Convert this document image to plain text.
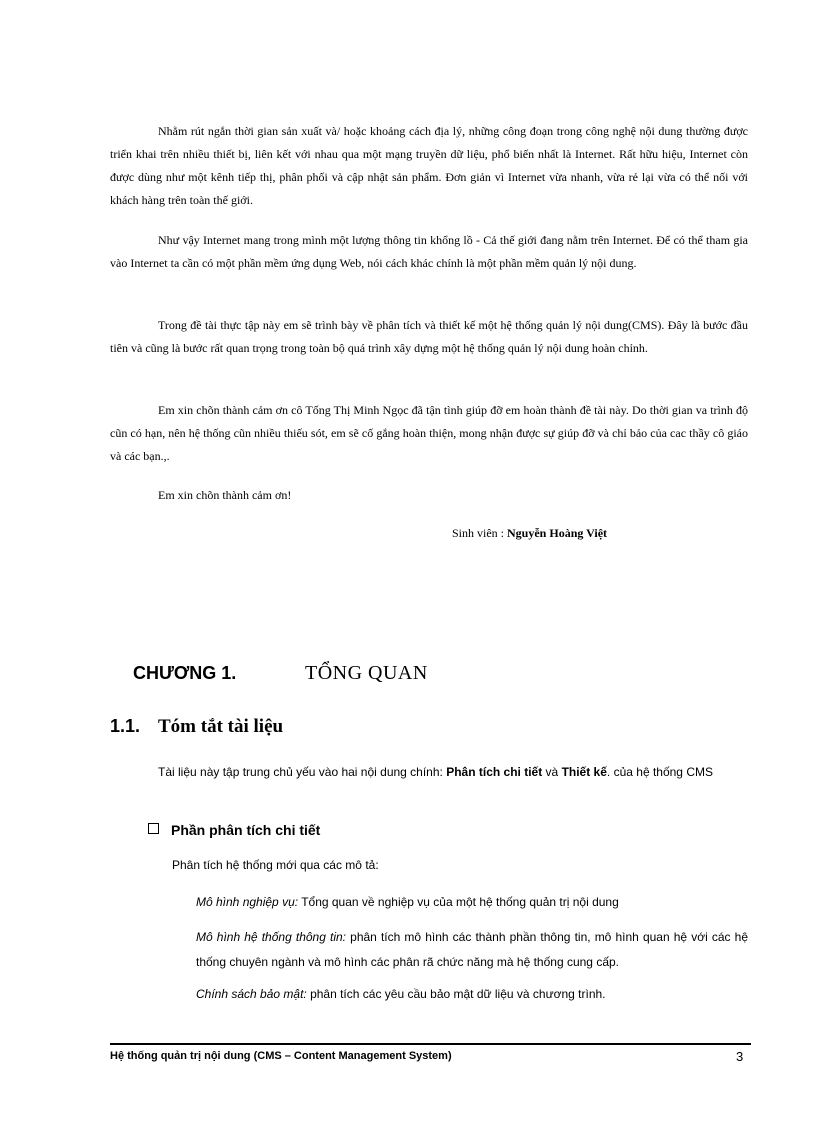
Nhằm rút ngắn thời gian sản xuất và/ hoặc khoảng cách địa lý, những công đoạn trong công nghệ nội dung thường được triển khai trên nhiều thiết bị, liên kết với nhau qua một mạng truyền dữ liệu, phổ biến nhất là Internet. Rất hữu hiệu, Internet còn được dùng như một kênh tiếp thị, phân phối và cập nhật sản phẩm. Đơn giản vì Internet vừa nhanh, vừa rẻ lại vừa có thể nối với khách hàng trên toàn thế giới.

Như vậy Internet mang trong mình một lượng thông tin khổng lồ - Cả thế giới đang nằm trên Internet. Để có thể tham gia vào Internet ta cần có một phần mềm ứng dụng Web, nói cách khác chính là một phần mềm quản lý nội dung.

Trong đề tài thực tập này em sẽ trình bày về phân tích và thiết kế một hệ thống quản lý nội dung(CMS). Đây là bước đầu tiên và cũng là bước rất quan trọng trong toàn bộ quá trình xây dựng một hệ thống quản lý nội dung hoàn chỉnh.

Em xin chõn thành cảm ơn cô Tống Thị Minh Ngọc đã tận tình giúp đỡ em hoàn thành đề tài này. Do thời gian va trình độ cũn có hạn, nên hệ thống cũn nhiều thiếu sót, em sẽ cố gắng hoàn thiện, mong nhận được sự giúp đỡ và chỉ bảo của cac thầy cô giáo và các bạn.,.

Em xin chõn thành cảm ơn!

Sinh viên : Nguyễn Hoàng Việt
CHƯƠNG 1.	TỔNG QUAN
1.1. Tóm tắt tài liệu

Tài liệu này tập trung chủ yếu vào hai nội dung chính: Phân tích chi tiết và Thiết kế. của hệ thống CMS

Phần phân tích chi tiết
Phân tích hệ thống mới qua các mô tả:

Mô hình nghiệp vụ: Tổng quan về nghiệp vụ của một hệ thống quản trị nội dung

Mô hình hệ thống thông tin: phân tích mô hình các thành phần thông tin, mô hình quan hệ với các hệ thống chuyên ngành và mô hình các phân rã chức năng mà hệ thống cung cấp.

Chính sách bảo mật: phân tích các yêu cầu bảo mật dữ liệu và chương trình.

Hệ thống quản trị nội dung (CMS – Content Management System)	3
